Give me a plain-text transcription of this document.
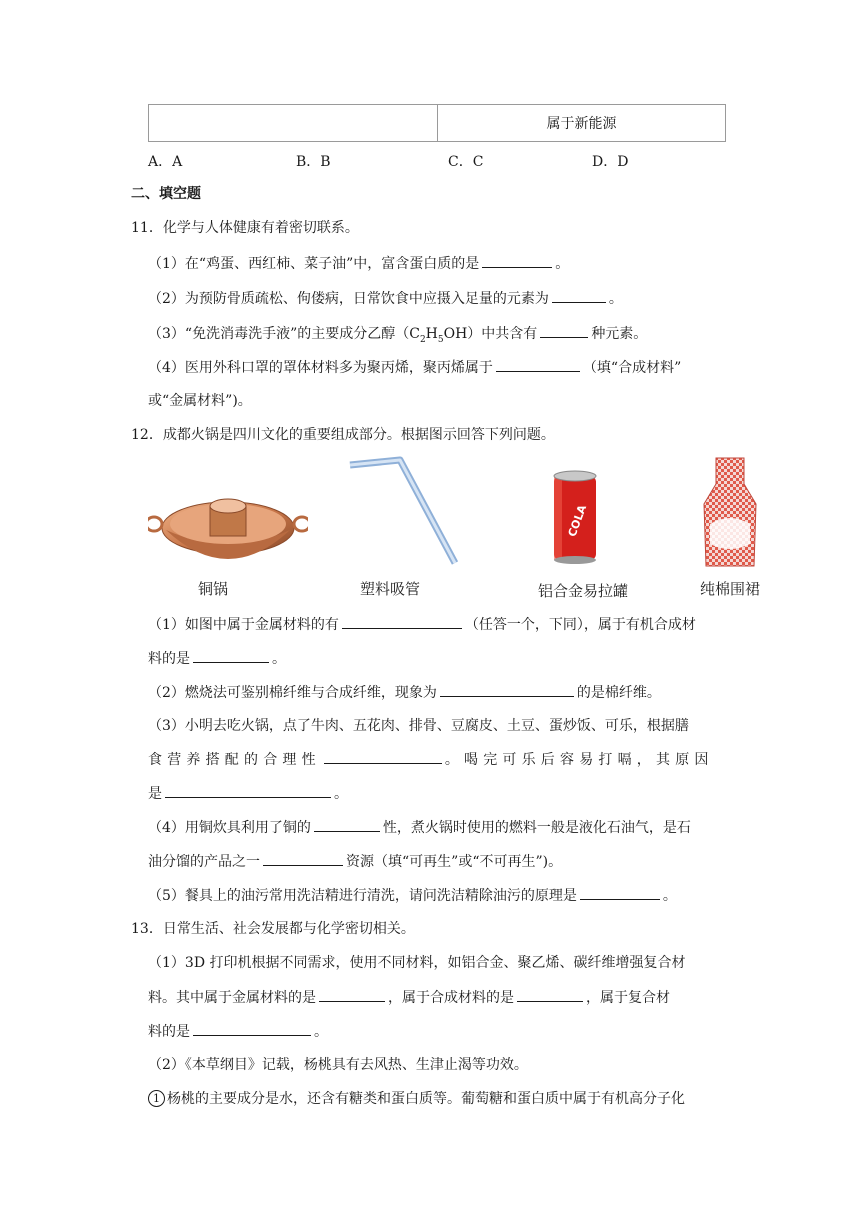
属于新能源
A．A	B．B	C．C	D．D
二、填空题
11．化学与人体健康有着密切联系。
（1）在“鸡蛋、西红柿、菜子油”中，富含蛋白质的是	。
（2）为预防骨质疏松、佝偻病，日常饮食中应摄入足量的元素为	。
（3）“免洗消毒洗手液”的主要成分乙醇$(C_2H_5OH)$中共含有	种元素。
（4）医用外科口罩的罩体材料多为聚丙烯，聚丙烯属于	（填“合成材料”
或“金属材料”)。
12．成都火锅是四川文化的重要组成部分。根据图示回答下列问题。
铜锅	塑料吸管
COLA
铝合金易拉罐	纯棉围裙
（1）如图中属于金属材料的有	（任答一个，下同），属于有机合成材
料的是	。
（2）燃烧法可鉴别棉纤维与合成纤维，现象为	的是棉纤维。
（3）小明去吃火锅，点了牛肉、五花肉、排骨、豆腐皮、土豆、蛋炒饭、可乐，根据膳
食营养搭配的合理性	。喝完可乐后容易打嗝，其原因
是	。
（4）用铜炊具利用了铜的	性，煮火锅时使用的燃料一般是液化石油气，是石
油分馏的产品之一	资源（填“可再生”或“不可再生”)。
（5）餐具上的油污常用洗洁精进行清洗，请问洗洁精除油污的原理是	。
13．日常生活、社会发展都与化学密切相关。
（1）3D 打印机根据不同需求，使用不同材料，如铝合金、聚乙烯、碳纤维增强复合材
料。其中属于金属材料的是	，属于合成材料的是	，属于复合材
料的是	。
（2）《本草纲目》记载，杨桃具有去风热、生津止渴等功效。
1 杨桃的主要成分是水，还含有糖类和蛋白质等。葡萄糖和蛋白质中属于有机高分子化
